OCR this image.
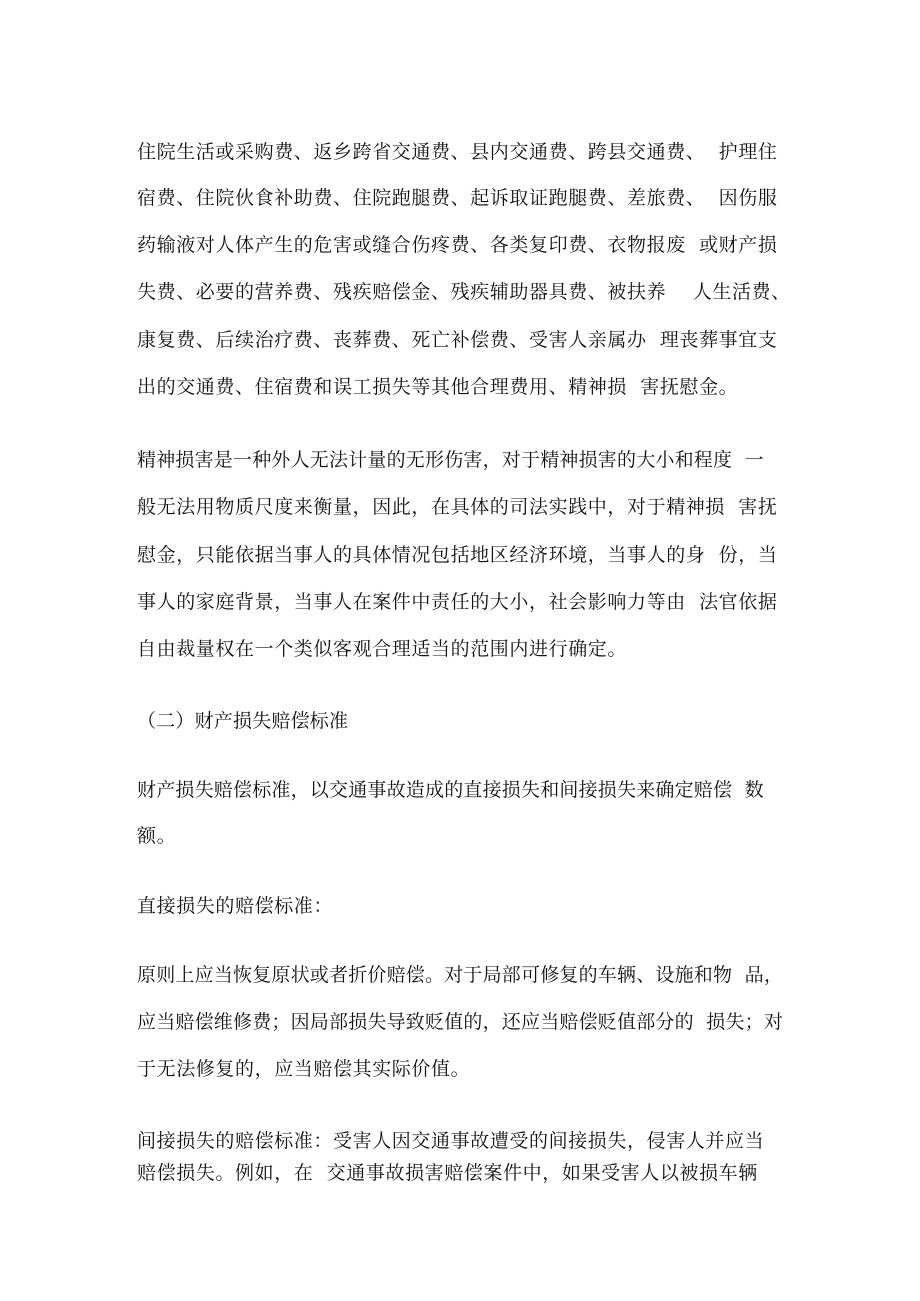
住院生活或采购费、返乡跨省交通费、县内交通费、跨县交通费、  护理住
宿费、住院伙食补助费、住院跑腿费、起诉取证跑腿费、差旅费、  因伤服
药输液对人体产生的危害或缝合伤疼费、各类复印费、衣物报废  或财产损
失费、必要的营养费、残疾赔偿金、残疾辅助器具费、被扶养    人生活费、
康复费、后续治疗费、丧葬费、死亡补偿费、受害人亲属办  理丧葬事宜支
出的交通费、住宿费和误工损失等其他合理费用、精神损  害抚慰金。
精神损害是一种外人无法计量的无形伤害，对于精神损害的大小和程度  一
般无法用物质尺度来衡量，因此，在具体的司法实践中，对于精神损  害抚
慰金，只能依据当事人的具体情况包括地区经济环境，当事人的身  份，当
事人的家庭背景，当事人在案件中责任的大小，社会影响力等由  法官依据
自由裁量权在一个类似客观合理适当的范围内进行确定。
（二）财产损失赔偿标准
财产损失赔偿标准，以交通事故造成的直接损失和间接损失来确定赔偿  数
额。
直接损失的赔偿标准：
原则上应当恢复原状或者折价赔偿。对于局部可修复的车辆、设施和物  品，
应当赔偿维修费；因局部损失导致贬值的，还应当赔偿贬值部分的  损失；对
于无法修复的，应当赔偿其实际价值。
间接损失的赔偿标准：受害人因交通事故遭受的间接损失，侵害人并应当
赔偿损失。例如，在  交通事故损害赔偿案件中，如果受害人以被损车辆
